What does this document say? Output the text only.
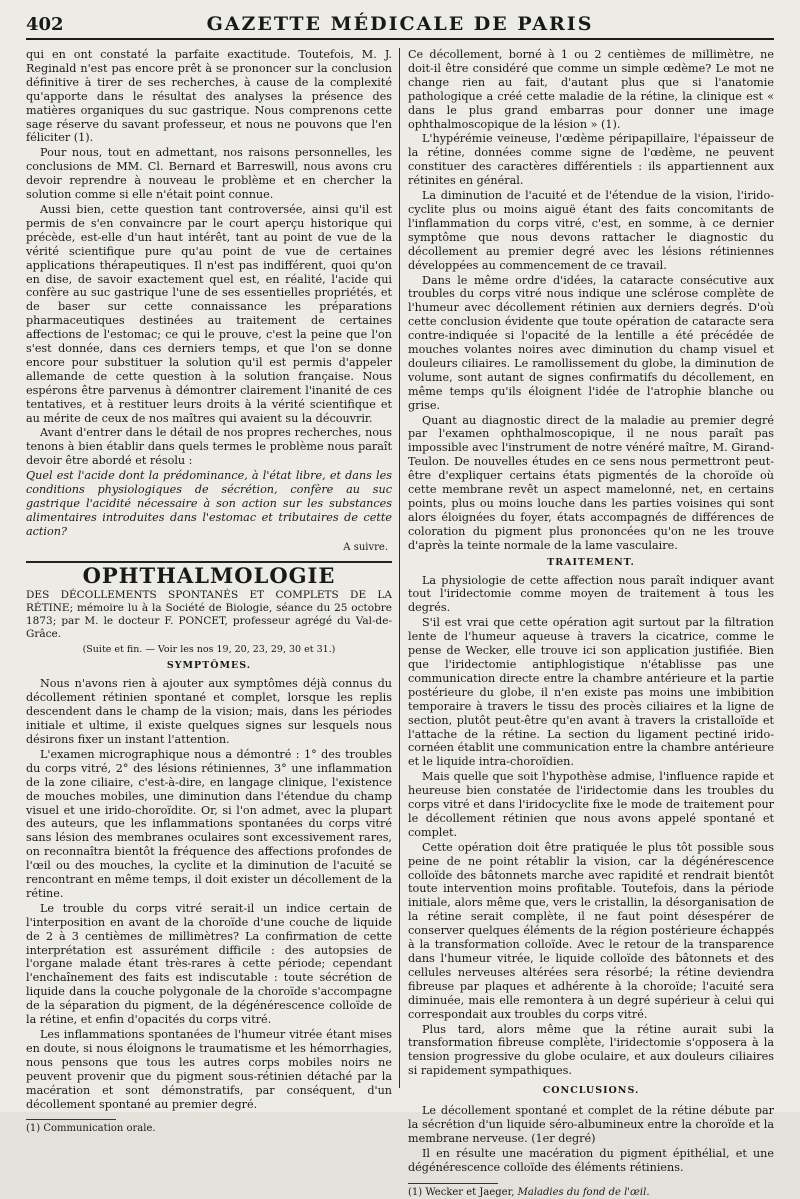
402	GAZETTE MÉDICALE DE PARIS

qui en ont constaté la parfaite exactitude. Toutefois, M. J. Reginald n'est pas encore prêt à se prononcer sur la conclusion définitive à tirer de ses recherches, à cause de la complexité qu'apporte dans le résultat des analyses la présence des matières organiques du suc gastrique. Nous comprenons cette sage réserve du savant professeur, et nous ne pouvons que l'en féliciter (1).

Pour nous, tout en admettant, nos raisons personnelles, les conclusions de MM. Cl. Bernard et Barreswill, nous avons cru devoir reprendre à nouveau le problème et en chercher la solution comme si elle n'était point connue.

Aussi bien, cette question tant controversée, ainsi qu'il est permis de s'en convaincre par le court aperçu historique qui précède, est-elle d'un haut intérêt, tant au point de vue de la vérité scientifique pure qu'au point de vue de certaines applications thérapeutiques. Il n'est pas indifférent, quoi qu'on en dise, de savoir exactement quel est, en réalité, l'acide qui confère au suc gastrique l'une de ses essentielles propriétés, et de baser sur cette connaissance les préparations pharmaceutiques destinées au traitement de certaines affections de l'estomac; ce qui le prouve, c'est la peine que l'on s'est donnée, dans ces derniers temps, et que l'on se donne encore pour substituer la solution qu'il est permis d'appeler allemande de cette question à la solution française. Nous espérons être parvenus à démontrer clairement l'inanité de ces tentatives, et à restituer leurs droits à la vérité scientifique et au mérite de ceux de nos maîtres qui avaient su la découvrir.

Avant d'entrer dans le détail de nos propres recherches, nous tenons à bien établir dans quels termes le problème nous paraît devoir être abordé et résolu :

Quel est l'acide dont la prédominance, à l'état libre, et dans les conditions physiologiques de sécrétion, confère au suc gastrique l'acidité nécessaire à son action sur les substances alimentaires introduites dans l'estomac et tributaires de cette action?

A suivre.
OPHTHALMOLOGIE

DES DÉCOLLEMENTS SPONTANÉS ET COMPLETS DE LA RÉTINE; mémoire lu à la Société de Biologie, séance du 25 octobre 1873; par M. le docteur F. PONCET, professeur agrégé du Val-de-Grâce.

(Suite et fin. — Voir les nos 19, 20, 23, 29, 30 et 31.)
SYMPTÔMES.

Nous n'avons rien à ajouter aux symptômes déjà connus du décollement rétinien spontané et complet, lorsque les replis descendent dans le champ de la vision; mais, dans les périodes initiale et ultime, il existe quelques signes sur lesquels nous désirons fixer un instant l'attention.

L'examen micrographique nous a démontré : 1° des troubles du corps vitré, 2° des lésions rétiniennes, 3° une inflammation de la zone ciliaire, c'est-à-dire, en langage clinique, l'existence de mouches mobiles, une diminution dans l'étendue du champ visuel et une irido-choroïdite. Or, si l'on admet, avec la plupart des auteurs, que les inflammations spontanées du corps vitré sans lésion des membranes oculaires sont excessivement rares, on reconnaîtra bientôt la fréquence des affections profondes de l'œil ou des mouches, la cyclite et la diminution de l'acuité se rencontrant en même temps, il doit exister un décollement de la rétine.

Le trouble du corps vitré serait-il un indice certain de l'interposition en avant de la choroïde d'une couche de liquide de 2 à 3 centièmes de millimètres? La confirmation de cette interprétation est assurément difficile : des autopsies de l'organe malade étant très-rares à cette période; cependant l'enchaînement des faits est indiscutable : toute sécrétion de liquide dans la couche polygonale de la choroïde s'accompagne de la séparation du pigment, de la dégénérescence colloïde de la rétine, et enfin d'opacités du corps vitré.

Les inflammations spontanées de l'humeur vitrée étant mises en doute, si nous éloignons le traumatisme et les hémorrhagies, nous pensons que tous les autres corps mobiles noirs ne peuvent provenir que du pigment sous-rétinien détaché par la macération et sont démonstratifs, par conséquent, d'un décollement spontané au premier degré.

(1) Communication orale.

Ce décollement, borné à 1 ou 2 centièmes de millimètre, ne doit-il être considéré que comme un simple œdème? Le mot ne change rien au fait, d'autant plus que si l'anatomie pathologique a créé cette maladie de la rétine, la clinique est « dans le plus grand embarras pour donner une image ophthalmoscopique de la lésion » (1).

L'hypérémie veineuse, l'œdème péripapillaire, l'épaisseur de la rétine, données comme signe de l'œdème, ne peuvent constituer des caractères différentiels : ils appartiennent aux rétinites en général.

La diminution de l'acuité et de l'étendue de la vision, l'irido-cyclite plus ou moins aiguë étant des faits concomitants de l'inflammation du corps vitré, c'est, en somme, à ce dernier symptôme que nous devons rattacher le diagnostic du décollement au premier degré avec les lésions rétiniennes développées au commencement de ce travail.

Dans le même ordre d'idées, la cataracte consécutive aux troubles du corps vitré nous indique une sclérose complète de l'humeur avec décollement rétinien aux derniers degrés. D'où cette conclusion évidente que toute opération de cataracte sera contre-indiquée si l'opacité de la lentille a été précédée de mouches volantes noires avec diminution du champ visuel et douleurs ciliaires. Le ramollissement du globe, la diminution de volume, sont autant de signes confirmatifs du décollement, en même temps qu'ils éloignent l'idée de l'atrophie blanche ou grise.

Quant au diagnostic direct de la maladie au premier degré par l'examen ophthalmoscopique, il ne nous paraît pas impossible avec l'instrument de notre vénéré maître, M. Girand-Teulon. De nouvelles études en ce sens nous permettront peut-être d'expliquer certains états pigmentés de la choroïde où cette membrane revêt un aspect mamelonné, net, en certains points, plus ou moins louche dans les parties voisines qui sont alors éloignées du foyer, états accompagnés de différences de coloration du pigment plus prononcées qu'on ne les trouve d'après la teinte normale de la lame vasculaire.

TRAITEMENT.

La physiologie de cette affection nous paraît indiquer avant tout l'iridectomie comme moyen de traitement à tous les degrés.

S'il est vrai que cette opération agit surtout par la filtration lente de l'humeur aqueuse à travers la cicatrice, comme le pense de Wecker, elle trouve ici son application justifiée. Bien que l'iridectomie antiphlogistique n'établisse pas une communication directe entre la chambre antérieure et la partie postérieure du globe, il n'en existe pas moins une imbibition temporaire à travers le tissu des procès ciliaires et la ligne de section, plutôt peut-être qu'en avant à travers la cristalloïde et l'attache de la rétine. La section du ligament pectiné irido-cornéen établit une communication entre la chambre antérieure et le liquide intra-choroïdien.

Mais quelle que soit l'hypothèse admise, l'influence rapide et heureuse bien constatée de l'iridectomie dans les troubles du corps vitré et dans l'iridocyclite fixe le mode de traitement pour le décollement rétinien que nous avons appelé spontané et complet.

Cette opération doit être pratiquée le plus tôt possible sous peine de ne point rétablir la vision, car la dégénérescence colloïde des bâtonnets marche avec rapidité et rendrait bientôt toute intervention moins profitable. Toutefois, dans la période initiale, alors même que, vers le cristallin, la désorganisation de la rétine serait complète, il ne faut point désespérer de conserver quelques éléments de la région postérieure échappés à la transformation colloïde. Avec le retour de la transparence dans l'humeur vitrée, le liquide colloïde des bâtonnets et des cellules nerveuses altérées sera résorbé; la rétine deviendra fibreuse par plaques et adhérente à la choroïde; l'acuité sera diminuée, mais elle remontera à un degré supérieur à celui qui correspondait aux troubles du corps vitré.

Plus tard, alors même que la rétine aurait subi la transformation fibreuse complète, l'iridectomie s'opposera à la tension progressive du globe oculaire, et aux douleurs ciliaires si rapidement sympathiques.

CONCLUSIONS.

Le décollement spontané et complet de la rétine débute par la sécrétion d'un liquide séro-albumineux entre la choroïde et la membrane nerveuse. (1er degré)

Il en résulte une macération du pigment épithélial, et une dégénérescence colloïde des éléments rétiniens.

(1) Wecker et Jaeger, Maladies du fond de l'œil.
